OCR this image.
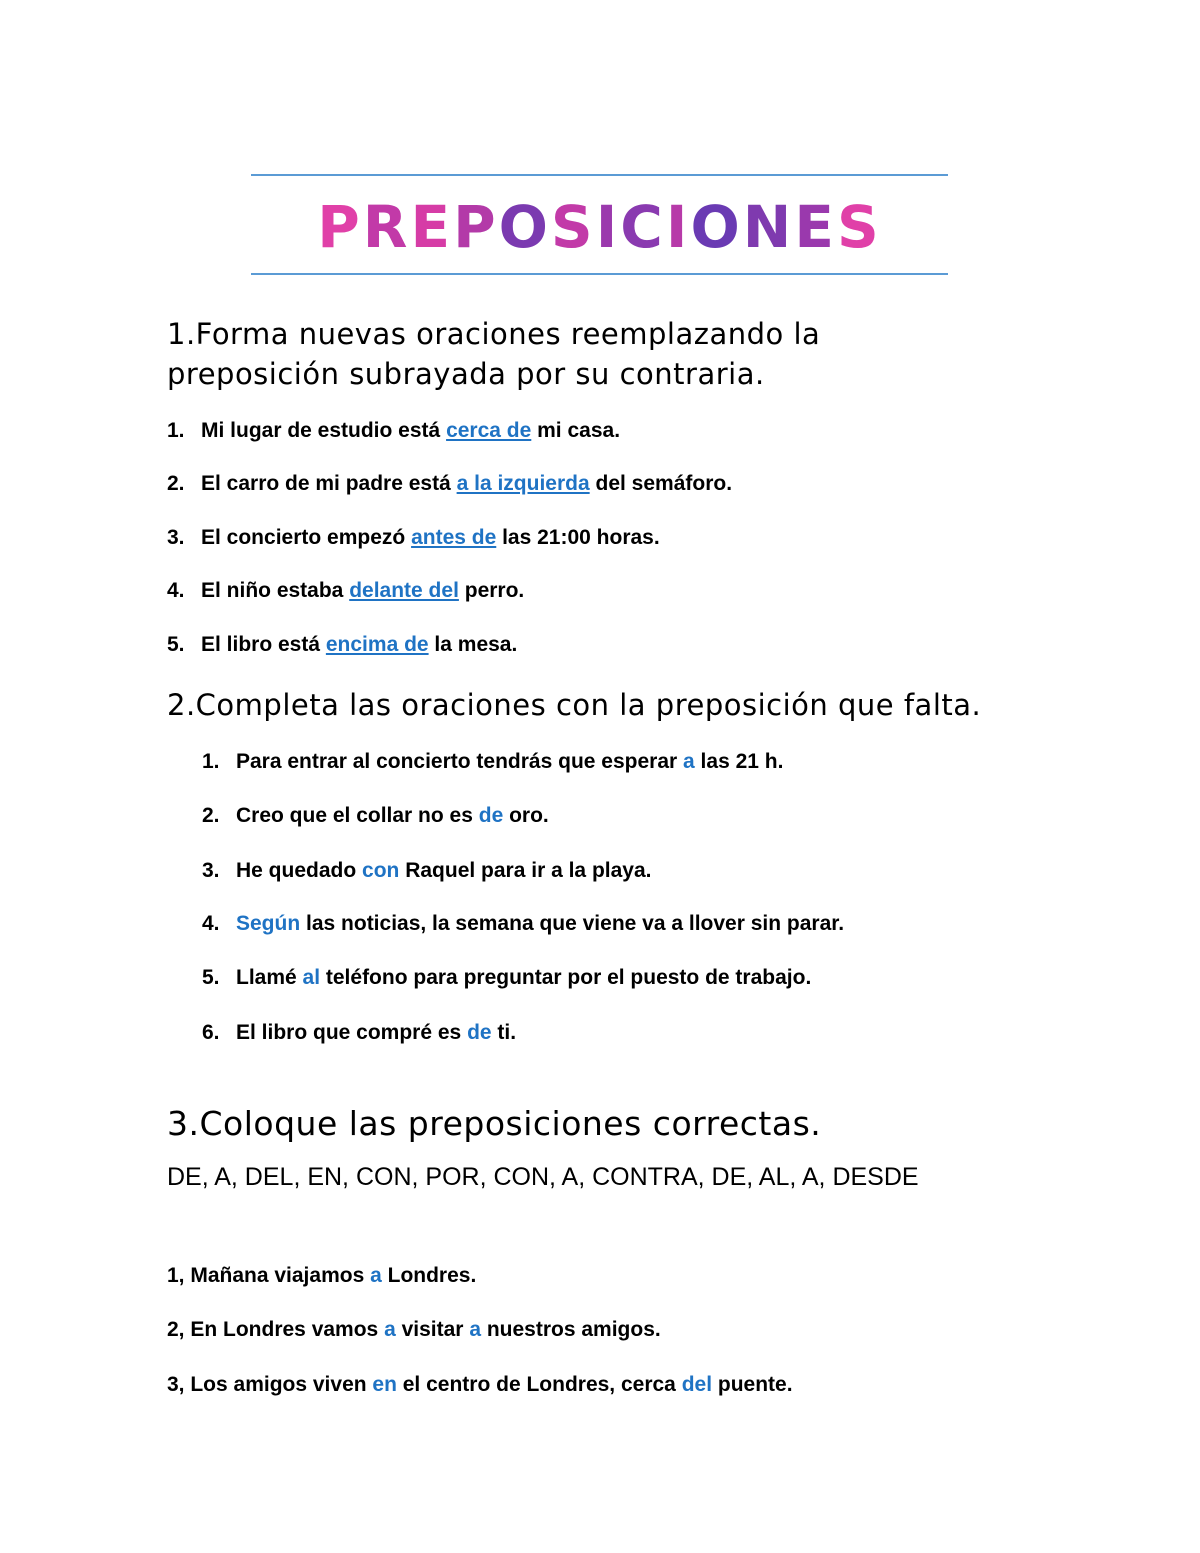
PREPOSICIONES
1.Forma nuevas oraciones reemplazando la preposición subrayada por su contraria.
1. Mi lugar de estudio está cerca de mi casa.
2. El carro de mi padre está a la izquierda del semáforo.
3. El concierto empezó antes de las 21:00 horas.
4. El niño estaba delante del perro.
5. El libro está encima de la mesa.
2.Completa las oraciones con la preposición que falta.
1. Para entrar al concierto tendrás que esperar a las 21 h.
2. Creo que el collar no es de oro.
3. He quedado con Raquel para ir a la playa.
4. Según las noticias, la semana que viene va a llover sin parar.
5. Llamé al teléfono para preguntar por el puesto de trabajo.
6. El libro que compré es de ti.
3.Coloque las preposiciones correctas.
DE, A, DEL, EN, CON, POR, CON, A, CONTRA, DE, AL, A, DESDE
1, Mañana viajamos a Londres.
2, En Londres vamos a visitar a nuestros amigos.
3, Los amigos viven en el centro de Londres, cerca del puente.
